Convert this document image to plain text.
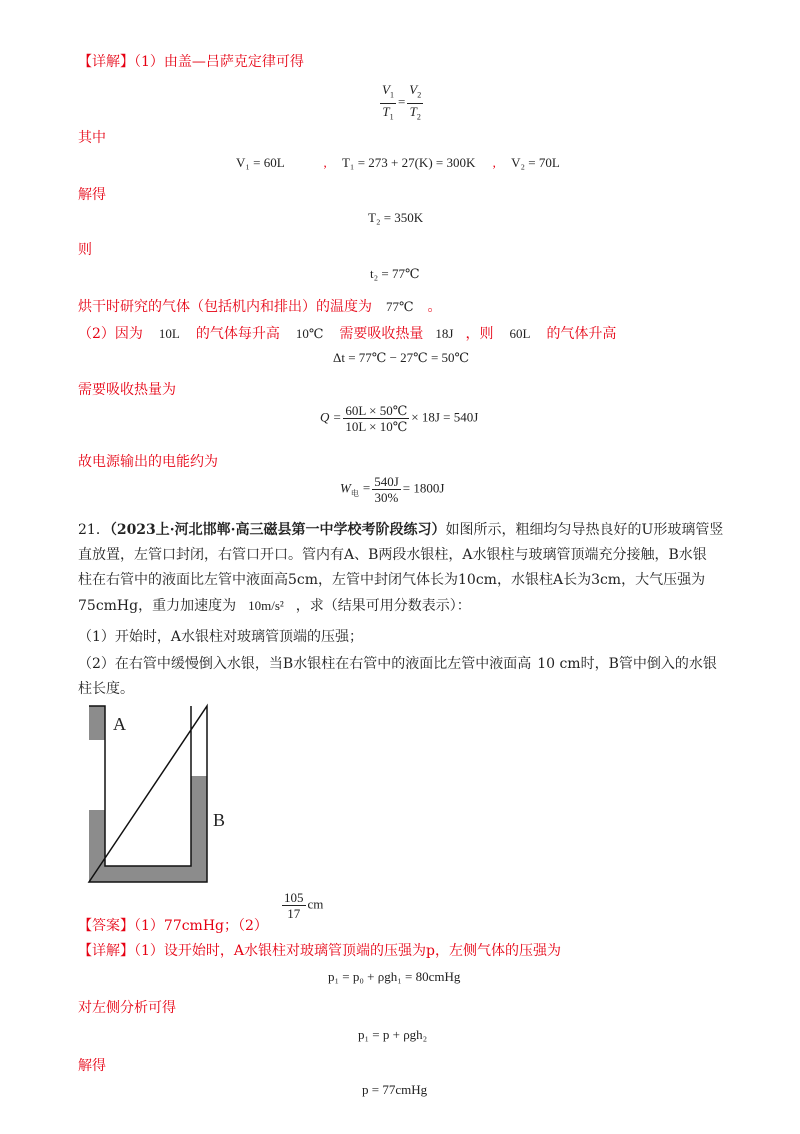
【详解】（1）由盖—吕萨克定律可得
$\frac{V_1}{T_1} = \frac{V_2}{T_2}$
其中
V₁ = 60L	, T₁ = 273 + 27(K) = 300K , V₂ = 70L
解得
T₂ = 350K
则
t₂ = 77℃
烘干时研究的气体（包括机内和排出）的温度为 77℃ 。
（2）因为 10L 的气体每升高 10℃ 需要吸收热量 18J ，则 60L 的气体升高
Δt = 77℃ − 27℃ = 50℃
需要吸收热量为
$Q = \frac{60L \times 50℃}{10L \times 10℃} \times 18J = 540J$
故电源输出的电能约为
$W_电 = \frac{540J}{30\%} = 1800J$
21．（2023上·河北邯郸·高三磁县第一中学校考阶段练习）如图所示，粗细均匀导热良好的U形玻璃管竖
直放置，左管口封闭，右管口开口。管内有A、B两段水银柱，A水银柱与玻璃管顶端充分接触，B水银
柱在右管中的液面比左管中液面高5cm，左管中封闭气体长为10cm，水银柱A长为3cm，大气压强为
75cmHg，重力加速度为 10m/s² ，求（结果可用分数表示）：
（1）开始时，A水银柱对玻璃管顶端的压强；
（2）在右管中缓慢倒入水银，当B水银柱在右管中的液面比左管中液面高 10 cm时，B管中倒入的水银
柱长度。
A
B
【答案】（1）77cmHg；（2）
$\frac{105}{17}$ cm
【详解】（1）设开始时，A水银柱对玻璃管顶端的压强为p，左侧气体的压强为
p₁ = p₀ + ρgh₁ = 80cmHg
对左侧分析可得
p₁ = p + ρgh₂
解得
p = 77cmHg
